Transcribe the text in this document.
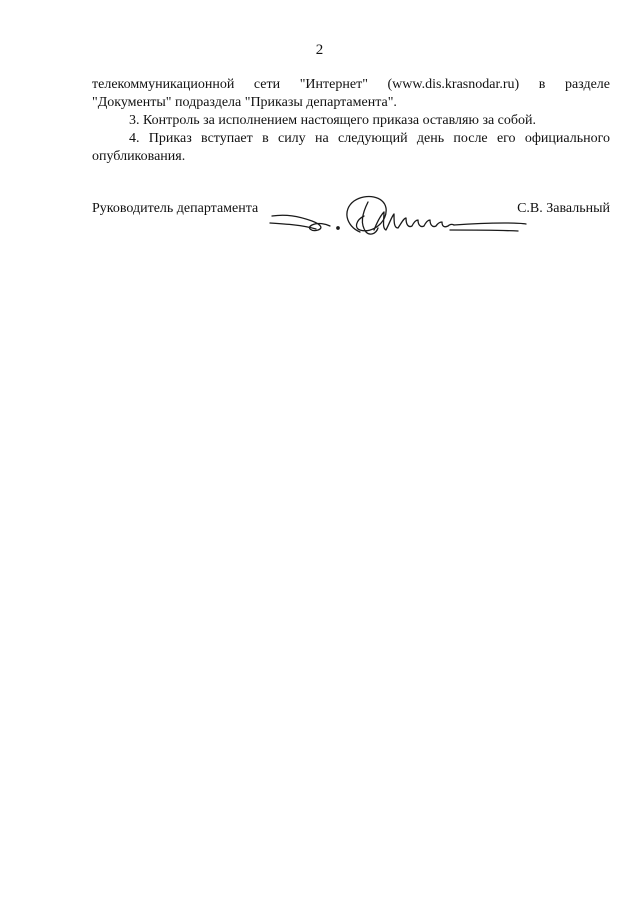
2

телекоммуникационной сети "Интернет" (www.dis.krasnodar.ru) в разделе "Документы" подраздела "Приказы департамента".

3. Контроль за исполнением настоящего приказа оставляю за собой.

4. Приказ вступает в силу на следующий день после его официального опубликования.

Руководитель департамента	С.В. Завальный
